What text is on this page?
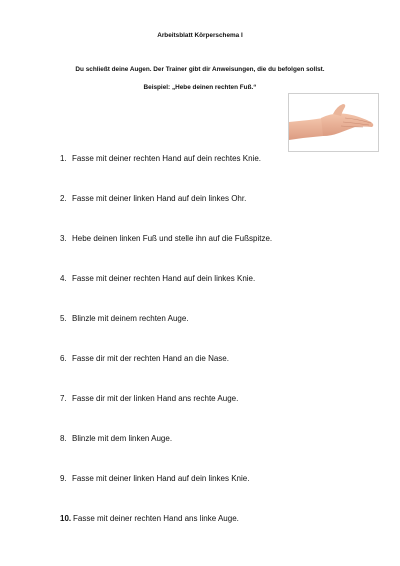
Arbeitsblatt Körperschema I
Du schließt deine Augen. Der Trainer gibt dir Anweisungen, die du befolgen sollst.
Beispiel: „Hebe deinen rechten Fuß.“
1. Fasse mit deiner rechten Hand auf dein rechtes Knie.
2. Fasse mit deiner linken Hand auf dein linkes Ohr.
3. Hebe deinen linken Fuß und stelle ihn auf die Fußspitze.
4. Fasse mit deiner rechten Hand auf dein linkes Knie.
5. Blinzle mit deinem rechten Auge.
6. Fasse dir mit der rechten Hand an die Nase.
7. Fasse dir mit der linken Hand ans rechte Auge.
8. Blinzle mit dem linken Auge.
9. Fasse mit deiner linken Hand auf dein linkes Knie.
10. Fasse mit deiner rechten Hand ans linke Auge.
